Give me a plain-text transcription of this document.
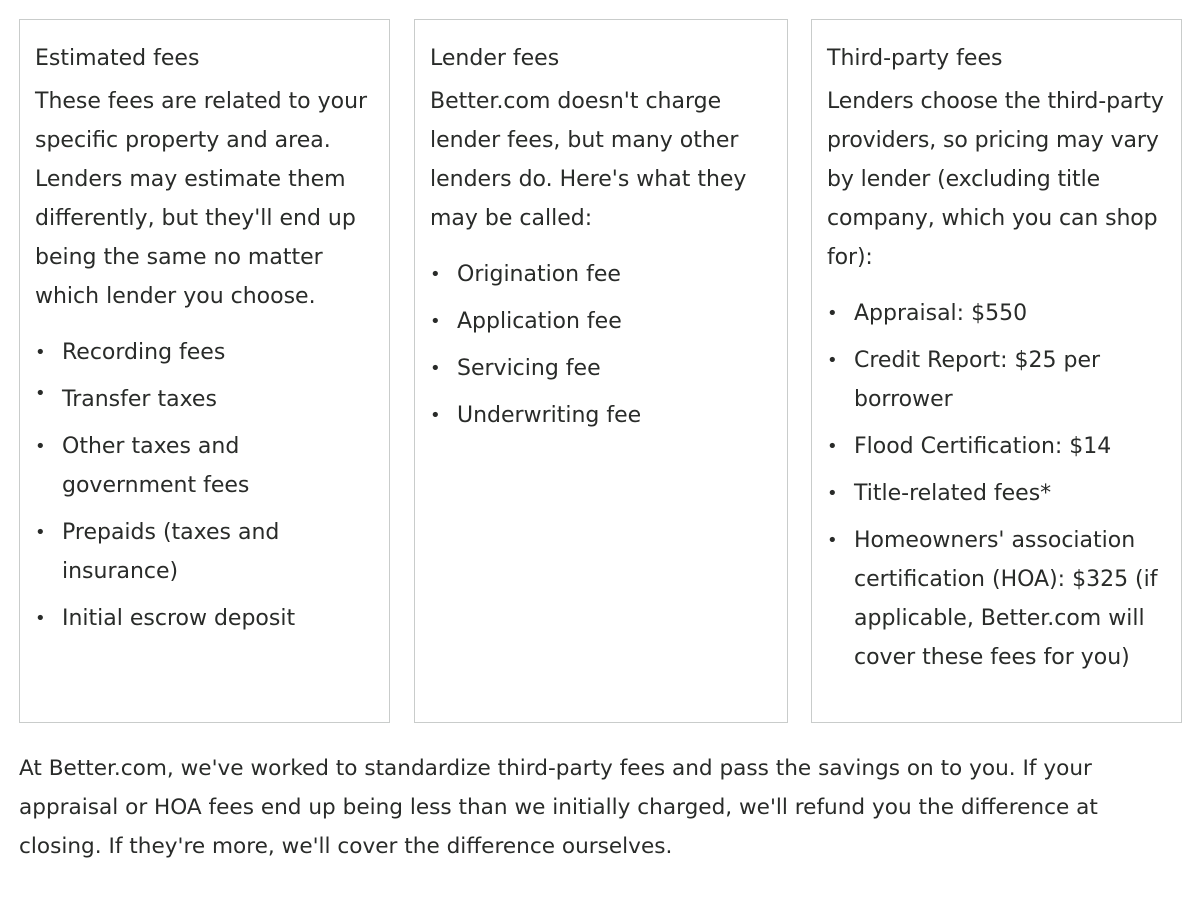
Estimated fees

These fees are related to your specific property and area. Lenders may estimate them differently, but they'll end up being the same no matter which lender you choose.

• Recording fees
• Transfer taxes
• Other taxes and government fees
• Prepaids (taxes and insurance)
• Initial escrow deposit
Lender fees

Better.com doesn't charge lender fees, but many other lenders do. Here's what they may be called:

• Origination fee
• Application fee
• Servicing fee
• Underwriting fee
Third-party fees

Lenders choose the third-party providers, so pricing may vary by lender (excluding title company, which you can shop for):

• Appraisal: $550
• Credit Report: $25 per borrower
• Flood Certification: $14
• Title-related fees*
• Homeowners' association certification (HOA): $325 (if applicable, Better.com will cover these fees for you)

At Better.com, we've worked to standardize third-party fees and pass the savings on to you. If your appraisal or HOA fees end up being less than we initially charged, we'll refund you the difference at closing. If they're more, we'll cover the difference ourselves.
